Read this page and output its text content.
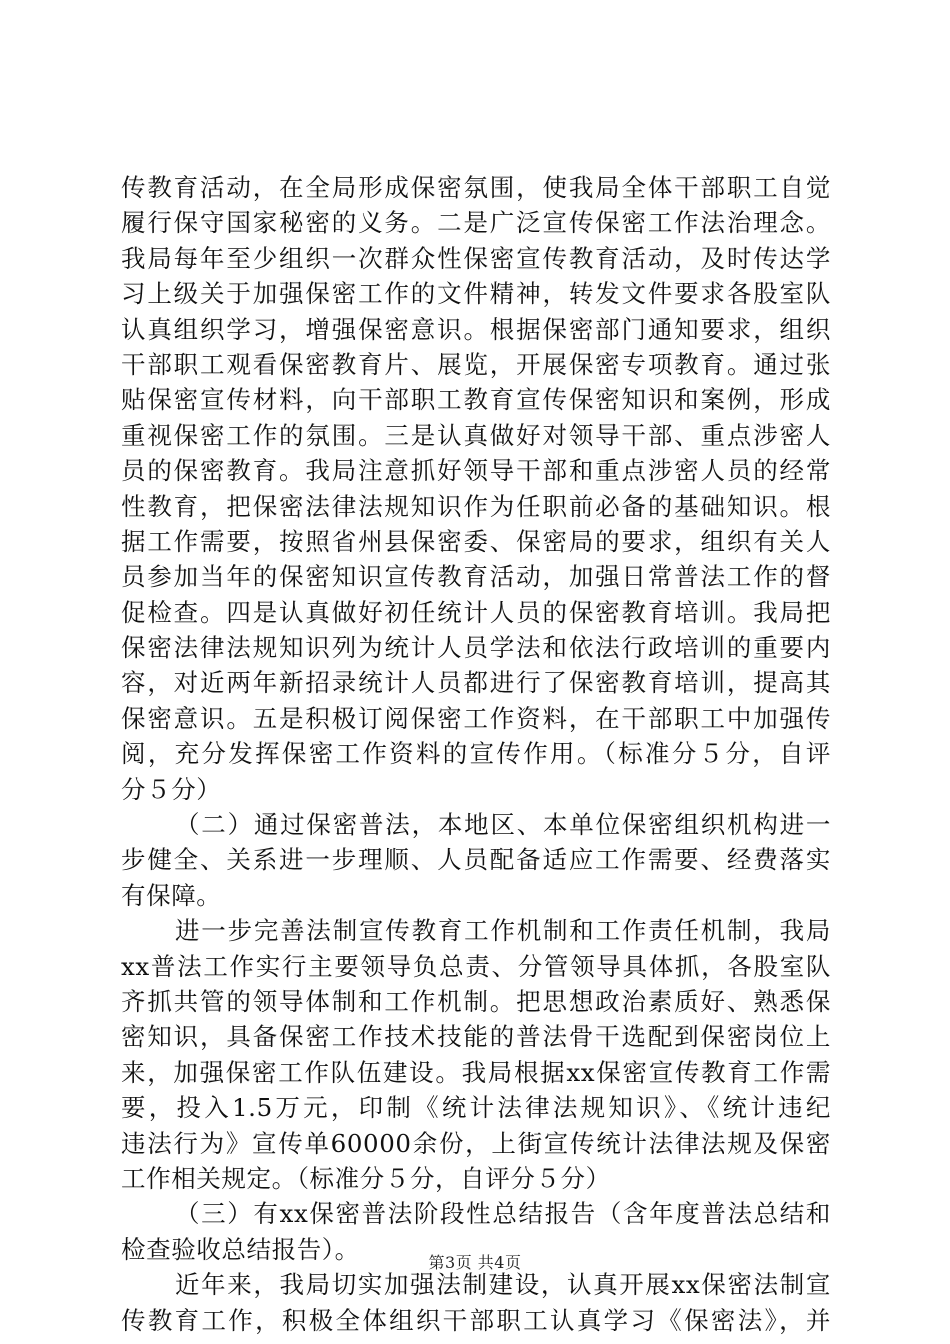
传教育活动，在全局形成保密氛围，使我局全体干部职工自觉
履行保守国家秘密的义务。二是广泛宣传保密工作法治理念。
我局每年至少组织一次群众性保密宣传教育活动，及时传达学
习上级关于加强保密工作的文件精神，转发文件要求各股室队
认真组织学习，增强保密意识。根据保密部门通知要求，组织
干部职工观看保密教育片、展览，开展保密专项教育。通过张
贴保密宣传材料，向干部职工教育宣传保密知识和案例，形成
重视保密工作的氛围。三是认真做好对领导干部、重点涉密人
员的保密教育。我局注意抓好领导干部和重点涉密人员的经常
性教育，把保密法律法规知识作为任职前必备的基础知识。根
据工作需要，按照省州县保密委、保密局的要求，组织有关人
员参加当年的保密知识宣传教育活动，加强日常普法工作的督
促检查。四是认真做好初任统计人员的保密教育培训。我局把
保密法律法规知识列为统计人员学法和依法行政培训的重要内
容，对近两年新招录统计人员都进行了保密教育培训，提高其
保密意识。五是积极订阅保密工作资料，在干部职工中加强传
阅，充分发挥保密工作资料的宣传作用。（标准分５分，自评
分５分）
（二）通过保密普法，本地区、本单位保密组织机构进一
步健全、关系进一步理顺、人员配备适应工作需要、经费落实
有保障。
进一步完善法制宣传教育工作机制和工作责任机制，我局
xx普法工作实行主要领导负总责、分管领导具体抓，各股室队
齐抓共管的领导体制和工作机制。把思想政治素质好、熟悉保
密知识，具备保密工作技术技能的普法骨干选配到保密岗位上
来，加强保密工作队伍建设。我局根据xx保密宣传教育工作需
要，投入1.5万元，印制《统计法律法规知识》、《统计违纪
违法行为》宣传单60000余份，上街宣传统计法律法规及保密
工作相关规定。（标准分５分，自评分５分）
（三）有xx保密普法阶段性总结报告（含年度普法总结和
检查验收总结报告）。
近年来，我局切实加强法制建设，认真开展xx保密法制宣
传教育工作，积极全体组织干部职工认真学习《保密法》，并
第3页 共4页
